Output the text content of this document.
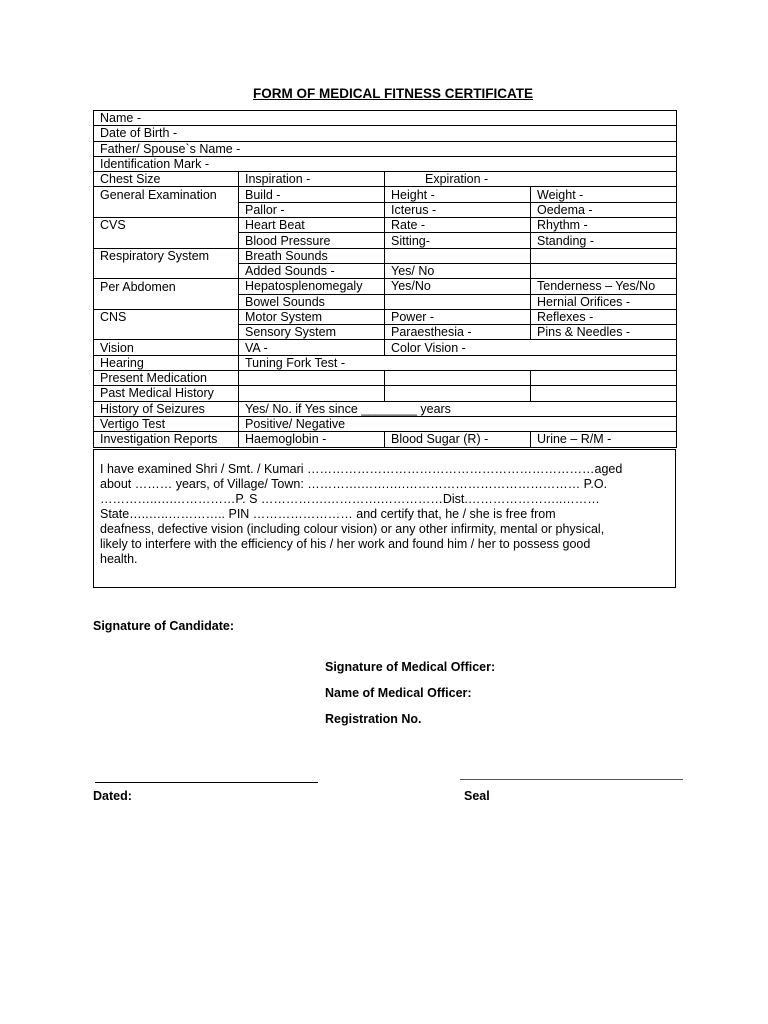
FORM OF MEDICAL FITNESS CERTIFICATE
Name -			
Date of Birth -			
Father/ Spouse`s Name -			
Identification Mark -			
Chest Size	Inspiration -	Expiration -	
General Examination	Build -	Height -	Weight -
	Pallor -	Icterus -	Oedema -
CVS	Heart Beat	Rate -	Rhythm -
	Blood Pressure	Sitting-	Standing -
Respiratory System	Breath Sounds		
	Added Sounds -	Yes/ No	
Per Abdomen	Hepatosplenomegaly	Yes/No	Tenderness – Yes/No
	Bowel Sounds		Hernial Orifices -
CNS	Motor System	Power -	Reflexes -
	Sensory System	Paraesthesia -	Pins & Needles -
Vision	VA -	Color Vision -	
Hearing	Tuning Fork Test -		
Present Medication			
Past Medical History			
History of Seizures	Yes/ No. if Yes since ________ years		
Vertigo Test	Positive/ Negative		
Investigation Reports	Haemoglobin -	Blood Sugar (R) -	Urine – R/M -
I have examined Shri / Smt. / Kumari ……………………………………………………………aged
about ……… years, of Village/ Town: ………….…….….…………………………………… P.O.
…………..….……………P. S …………….………….……………Dist.…………………..………
State…..…..………….. PIN …………………… and certify that, he / she is free from
deafness, defective vision (including colour vision) or any other infirmity, mental or physical,
likely to interfere with the efficiency of his / her work and found him / her to possess good
health.
Signature of Candidate:
Signature of Medical Officer:
Name of Medical Officer:
Registration No.
Dated:	Seal
